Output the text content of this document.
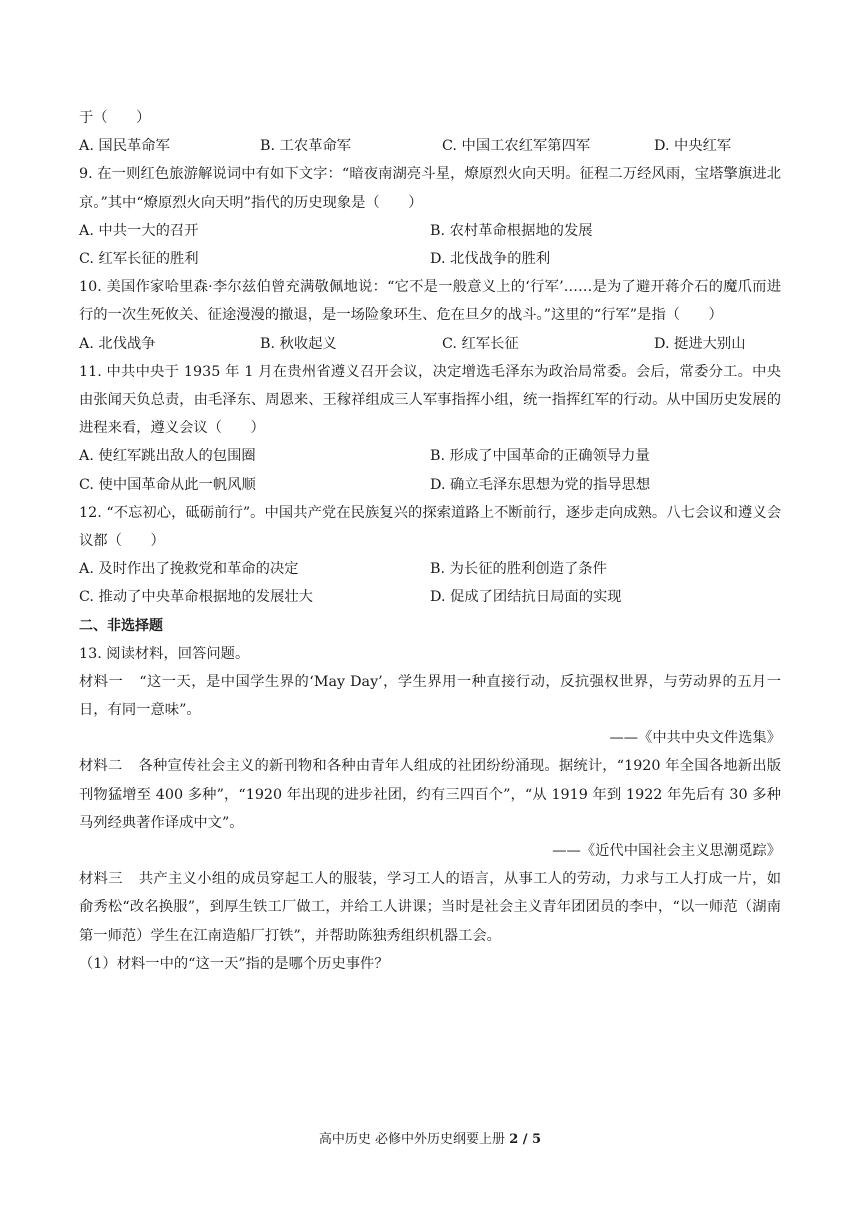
于（　　）
A. 国民革命军	B. 工农革命军	C. 中国工农红军第四军	D. 中央红军
9. 在一则红色旅游解说词中有如下文字：“暗夜南湖亮斗星，燎原烈火向天明。征程二万经风雨，宝塔擎旗进北京。”其中“燎原烈火向天明”指代的历史现象是（　　）
A. 中共一大的召开	B. 农村革命根据地的发展
C. 红军长征的胜利	D. 北伐战争的胜利
10. 美国作家哈里森·李尔兹伯曾充满敬佩地说：“它不是一般意义上的‘行军’……是为了避开蒋介石的魔爪而进行的一次生死攸关、征途漫漫的撤退，是一场险象环生、危在旦夕的战斗。”这里的“行军”是指（　　）
A. 北伐战争	B. 秋收起义	C. 红军长征	D. 挺进大别山
11. 中共中央于 1935 年 1 月在贵州省遵义召开会议，决定增选毛泽东为政治局常委。会后，常委分工。中央由张闻天负总责，由毛泽东、周恩来、王稼祥组成三人军事指挥小组，统一指挥红军的行动。从中国历史发展的进程来看，遵义会议（　　）
A. 使红军跳出敌人的包围圈	B. 形成了中国革命的正确领导力量
C. 使中国革命从此一帆风顺	D. 确立毛泽东思想为党的指导思想
12. “不忘初心，砥砺前行”。中国共产党在民族复兴的探索道路上不断前行，逐步走向成熟。八七会议和遵义会议都（　　）
A. 及时作出了挽救党和革命的决定	B. 为长征的胜利创造了条件
C. 推动了中央革命根据地的发展壮大	D. 促成了团结抗日局面的实现
二、非选择题
13. 阅读材料，回答问题。
材料一 “这一天，是中国学生界的‘May Day’，学生界用一种直接行动，反抗强权世界，与劳动界的五月一日，有同一意味”。
——《中共中央文件选集》
材料二 各种宣传社会主义的新刊物和各种由青年人组成的社团纷纷涌现。据统计，“1920 年全国各地新出版刊物猛增至 400 多种”，“1920 年出现的进步社团，约有三四百个”，“从 1919 年到 1922 年先后有 30 多种马列经典著作译成中文”。
——《近代中国社会主义思潮觅踪》
材料三 共产主义小组的成员穿起工人的服装，学习工人的语言，从事工人的劳动，力求与工人打成一片，如俞秀松“改名换服”，到厚生铁工厂做工，并给工人讲课；当时是社会主义青年团团员的李中，“以一师范（湖南第一师范）学生在江南造船厂打铁”，并帮助陈独秀组织机器工会。
（1）材料一中的“这一天”指的是哪个历史事件？
高中历史 必修中外历史纲要上册 2 / 5
